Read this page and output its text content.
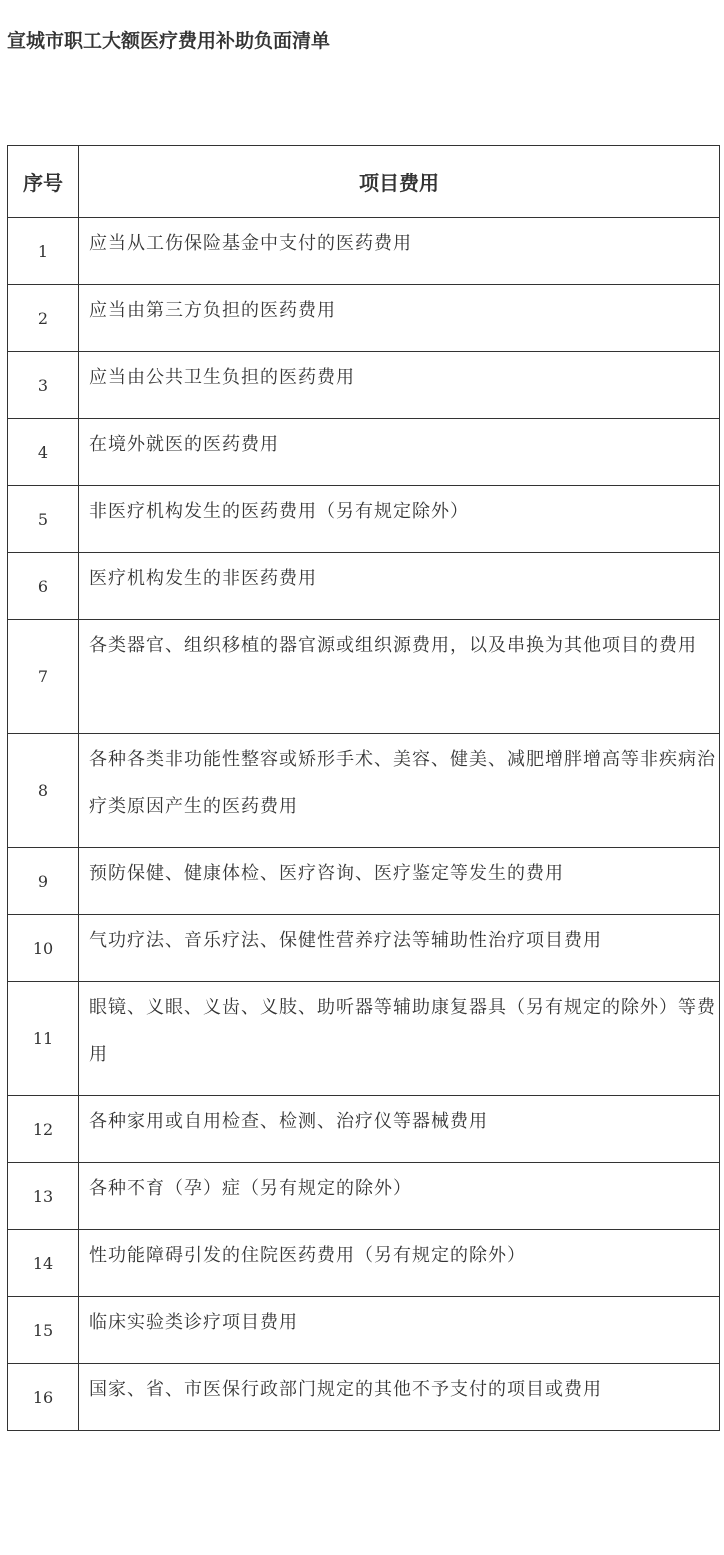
宣城市职工大额医疗费用补助负面清单
序号	项目费用
1	应当从工伤保险基金中支付的医药费用
2	应当由第三方负担的医药费用
3	应当由公共卫生负担的医药费用
4	在境外就医的医药费用
5	非医疗机构发生的医药费用（另有规定除外）
6	医疗机构发生的非医药费用
7	各类器官、组织移植的器官源或组织源费用，以及串换为其他项目的费用
8	各种各类非功能性整容或矫形手术、美容、健美、减肥增胖增高等非疾病治疗类原因产生的医药费用
9	预防保健、健康体检、医疗咨询、医疗鉴定等发生的费用
10	气功疗法、音乐疗法、保健性营养疗法等辅助性治疗项目费用
11	眼镜、义眼、义齿、义肢、助听器等辅助康复器具（另有规定的除外）等费用
12	各种家用或自用检查、检测、治疗仪等器械费用
13	各种不育（孕）症（另有规定的除外）
14	性功能障碍引发的住院医药费用（另有规定的除外）
15	临床实验类诊疗项目费用
16	国家、省、市医保行政部门规定的其他不予支付的项目或费用
